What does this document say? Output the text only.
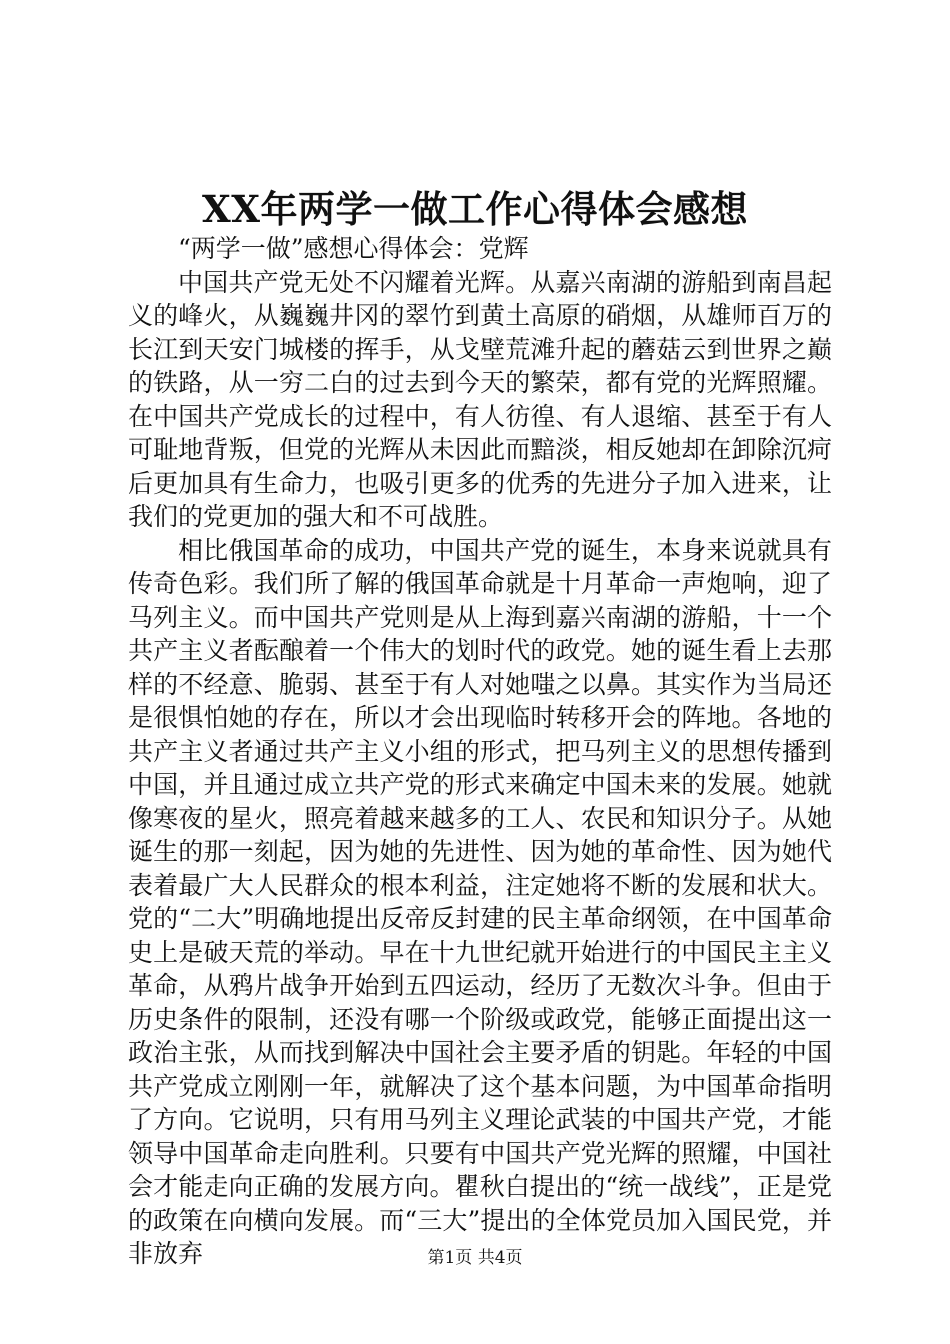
XX年两学一做工作心得体会感想

“两学一做”感想心得体会：党辉

中国共产党无处不闪耀着光辉。从嘉兴南湖的游船到南昌起义的峰火，从巍巍井冈的翠竹到黄土高原的硝烟，从雄师百万的长江到天安门城楼的挥手，从戈壁荒滩升起的蘑菇云到世界之巅的铁路，从一穷二白的过去到今天的繁荣，都有党的光辉照耀。在中国共产党成长的过程中，有人彷徨、有人退缩、甚至于有人可耻地背叛，但党的光辉从未因此而黯淡，相反她却在卸除沉疴后更加具有生命力，也吸引更多的优秀的先进分子加入进来，让我们的党更加的强大和不可战胜。

相比俄国革命的成功，中国共产党的诞生，本身来说就具有传奇色彩。我们所了解的俄国革命就是十月革命一声炮响，迎了马列主义。而中国共产党则是从上海到嘉兴南湖的游船，十一个共产主义者酝酿着一个伟大的划时代的政党。她的诞生看上去那样的不经意、脆弱、甚至于有人对她嗤之以鼻。其实作为当局还是很惧怕她的存在，所以才会出现临时转移开会的阵地。各地的共产主义者通过共产主义小组的形式，把马列主义的思想传播到中国，并且通过成立共产党的形式来确定中国未来的发展。她就像寒夜的星火，照亮着越来越多的工人、农民和知识分子。从她诞生的那一刻起，因为她的先进性、因为她的革命性、因为她代表着最广大人民群众的根本利益，注定她将不断的发展和状大。党的“二大”明确地提出反帝反封建的民主革命纲领，在中国革命史上是破天荒的举动。早在十九世纪就开始进行的中国民主主义革命，从鸦片战争开始到五四运动，经历了无数次斗争。但由于历史条件的限制，还没有哪一个阶级或政党，能够正面提出这一政治主张，从而找到解决中国社会主要矛盾的钥匙。年轻的中国共产党成立刚刚一年，就解决了这个基本问题，为中国革命指明了方向。它说明，只有用马列主义理论武装的中国共产党，才能领导中国革命走向胜利。只要有中国共产党光辉的照耀，中国社会才能走向正确的发展方向。瞿秋白提出的“统一战线”，正是党的政策在向横向发展。而“三大”提出的全体党员加入国民党，并非放弃	第1页 共4页
